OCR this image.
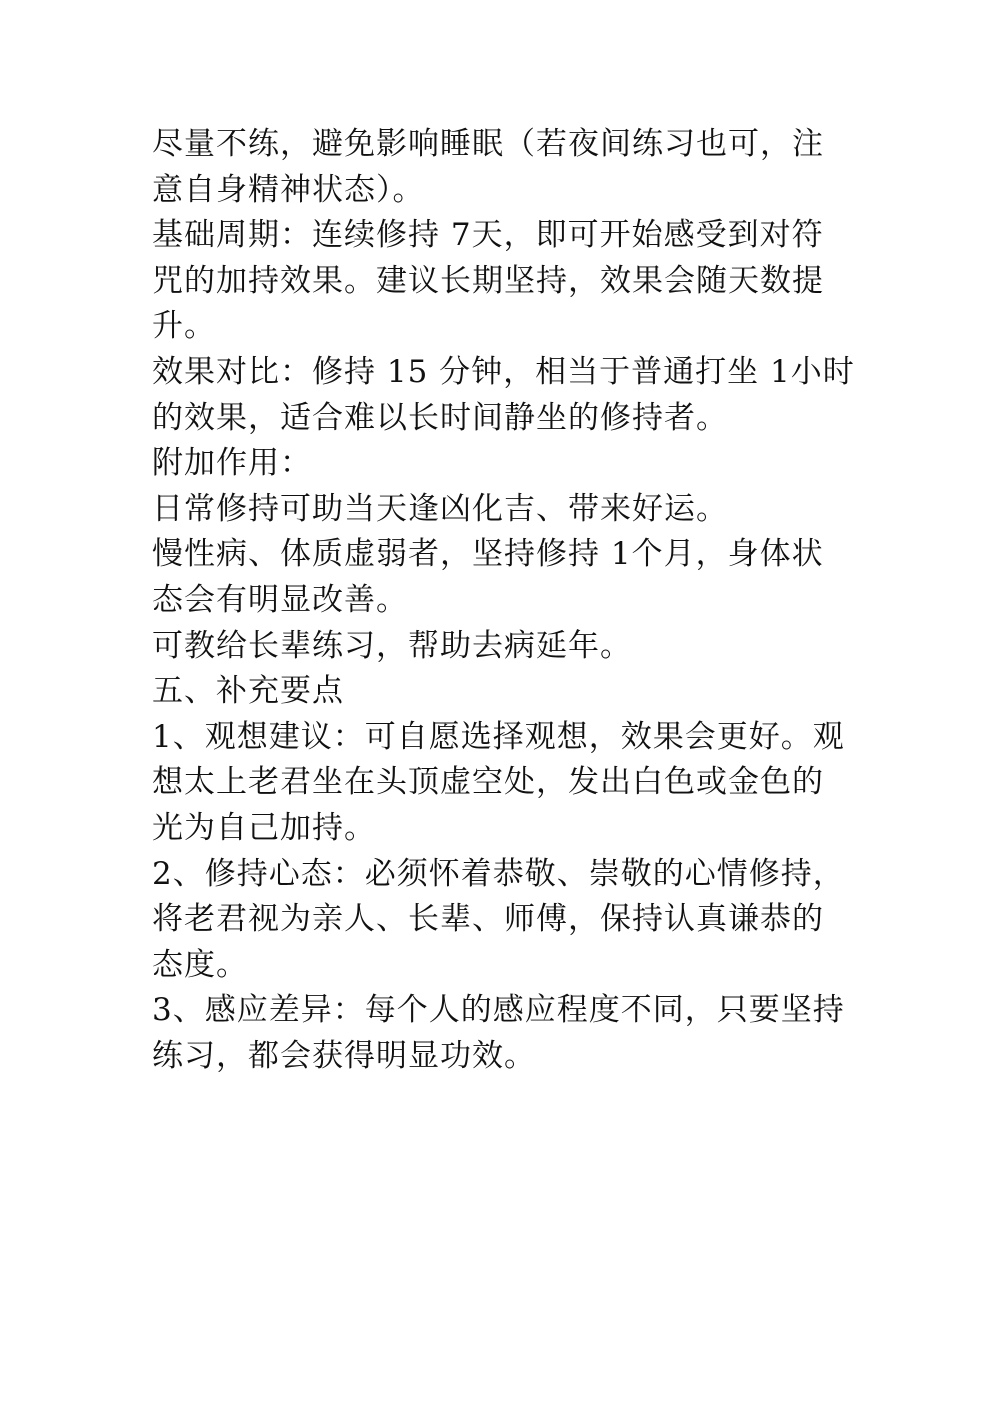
尽量不练，避免影响睡眠（若夜间练习也可，注
意自身精神状态）。
基础周期：连续修持 7天，即可开始感受到对符
咒的加持效果。建议长期坚持，效果会随天数提
升。
效果对比：修持 15 分钟，相当于普通打坐 1小时
的效果，适合难以长时间静坐的修持者。
附加作用：
日常修持可助当天逢凶化吉、带来好运。
慢性病、体质虚弱者，坚持修持 1个月，身体状
态会有明显改善。
可教给长辈练习，帮助去病延年。
五、补充要点
1、观想建议：可自愿选择观想，效果会更好。观
想太上老君坐在头顶虚空处，发出白色或金色的
光为自己加持。
2、修持心态：必须怀着恭敬、崇敬的心情修持，
将老君视为亲人、长辈、师傅，保持认真谦恭的
态度。
3、感应差异：每个人的感应程度不同，只要坚持
练习，都会获得明显功效。
